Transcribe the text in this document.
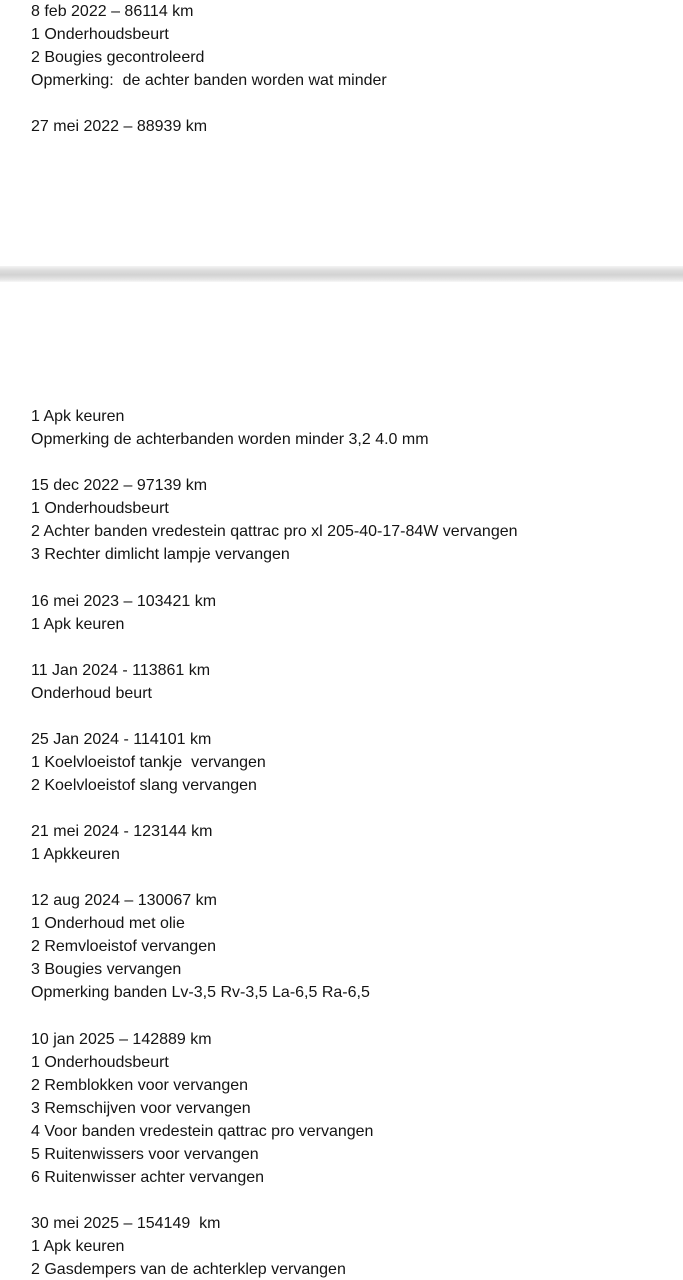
8 feb 2022 – 86114 km
1 Onderhoudsbeurt
2 Bougies gecontroleerd
Opmerking:  de achter banden worden wat minder
27 mei 2022 – 88939 km
1 Apk keuren
Opmerking de achterbanden worden minder 3,2 4.0 mm
15 dec 2022 – 97139 km
1 Onderhoudsbeurt
2 Achter banden vredestein qattrac pro xl 205-40-17-84W vervangen
3 Rechter dimlicht lampje vervangen
16 mei 2023 – 103421 km
1 Apk keuren
11 Jan 2024 - 113861 km
Onderhoud beurt
25 Jan 2024 - 114101 km
1 Koelvloeistof tankje  vervangen
2 Koelvloeistof slang vervangen
21 mei 2024 - 123144 km
1 Apkkeuren
12 aug 2024 – 130067 km
1 Onderhoud met olie
2 Remvloeistof vervangen
3 Bougies vervangen
Opmerking banden Lv-3,5 Rv-3,5 La-6,5 Ra-6,5
10 jan 2025 – 142889 km
1 Onderhoudsbeurt
2 Remblokken voor vervangen
3 Remschijven voor vervangen
4 Voor banden vredestein qattrac pro vervangen
5 Ruitenwissers voor vervangen
6 Ruitenwisser achter vervangen
30 mei 2025 – 154149  km
1 Apk keuren
2 Gasdempers van de achterklep vervangen
